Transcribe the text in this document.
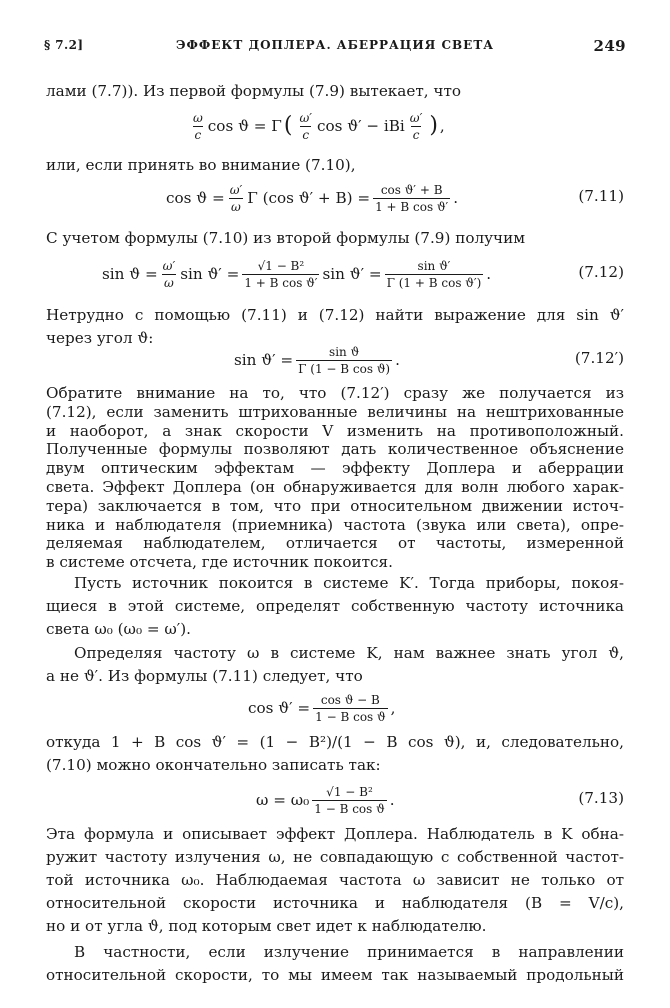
§ 7.2]	ЭФФЕКТ ДОПЛЕРА. АБЕРРАЦИЯ СВЕТА	249
лами (7.7)). Из первой формулы (7.9) вытекает, что
$\frac{\omega}{c}$ cos ϑ = Γ ( $\frac{\omega'}{c}$ cos ϑ′ − iBi $\frac{\omega'}{c}$ ) ,
или, если принять во внимание (7.10),
$\cos ϑ = \frac{\omega'}{\omega}$ Γ (cos $ϑ' + B) = \frac{\text{cos ϑ′ + B}}{\text{1 + B cos ϑ′}}$ .	(7.11)
С учетом формулы (7.10) из второй формулы (7.9) получим
$\sin ϑ = \frac{\omega'}{\omega}$ $\sin ϑ' = \frac{\text{√1 − B²}}{\text{1 + B cos ϑ′}}$ $\sin ϑ' = \frac{\text{sin ϑ′}}{\text{Γ (1 + B cos ϑ′)}}$ .	(7.12)
Нетрудно с помощью (7.11) и (7.12) найти выражение для sin ϑ′
через угол ϑ:
$\sin ϑ' = \frac{\text{sin ϑ}}{\text{Γ (1 − B cos ϑ)}}$ .	(7.12′)
Обратите внимание на то, что (7.12′) сразу же получается из
(7.12), если заменить штрихованные величины на нештрихованные
и наоборот, а знак скорости V изменить на противоположный.
Полученные формулы позволяют дать количественное объяснение
двум оптическим эффектам — эффекту Доплера и аберрации
света. Эффект Доплера (он обнаруживается для волн любого харак-
тера) заключается в том, что при относительном движении источ-
ника и наблюдателя (приемника) частота (звука или света), опре-
деляемая наблюдателем, отличается от частоты, измеренной
в системе отсчета, где источник покоится.
Пусть источник покоится в системе K′. Тогда приборы, покоя-
щиеся в этой системе, определят собственную частоту источника
света ω₀ (ω₀ = ω′).
Определяя частоту ω в системе K, нам важнее знать угол ϑ,
а не ϑ′. Из формулы (7.11) следует, что
$\cos ϑ' = \frac{\text{cos ϑ − B}}{\text{1 − B cos ϑ}}$ ,
откуда 1 + B cos ϑ′ = (1 − B²)/(1 − B cos ϑ), и, следовательно,
(7.10) можно окончательно записать так:
$\omega = \omega_0 \frac{\text{√1 − B²}}{\text{1 − B cos ϑ}}$ .	(7.13)
Эта формула и описывает эффект Доплера. Наблюдатель в K обна-
ружит частоту излучения ω, не совпадающую с собственной частот-
той источника ω₀. Наблюдаемая частота ω зависит не только от
относительной скорости источника и наблюдателя (B = V/c),
но и от угла ϑ, под которым свет идет к наблюдателю.
В частности, если излучение принимается в направлении
относительной скорости, то мы имеем так называемый продольный
